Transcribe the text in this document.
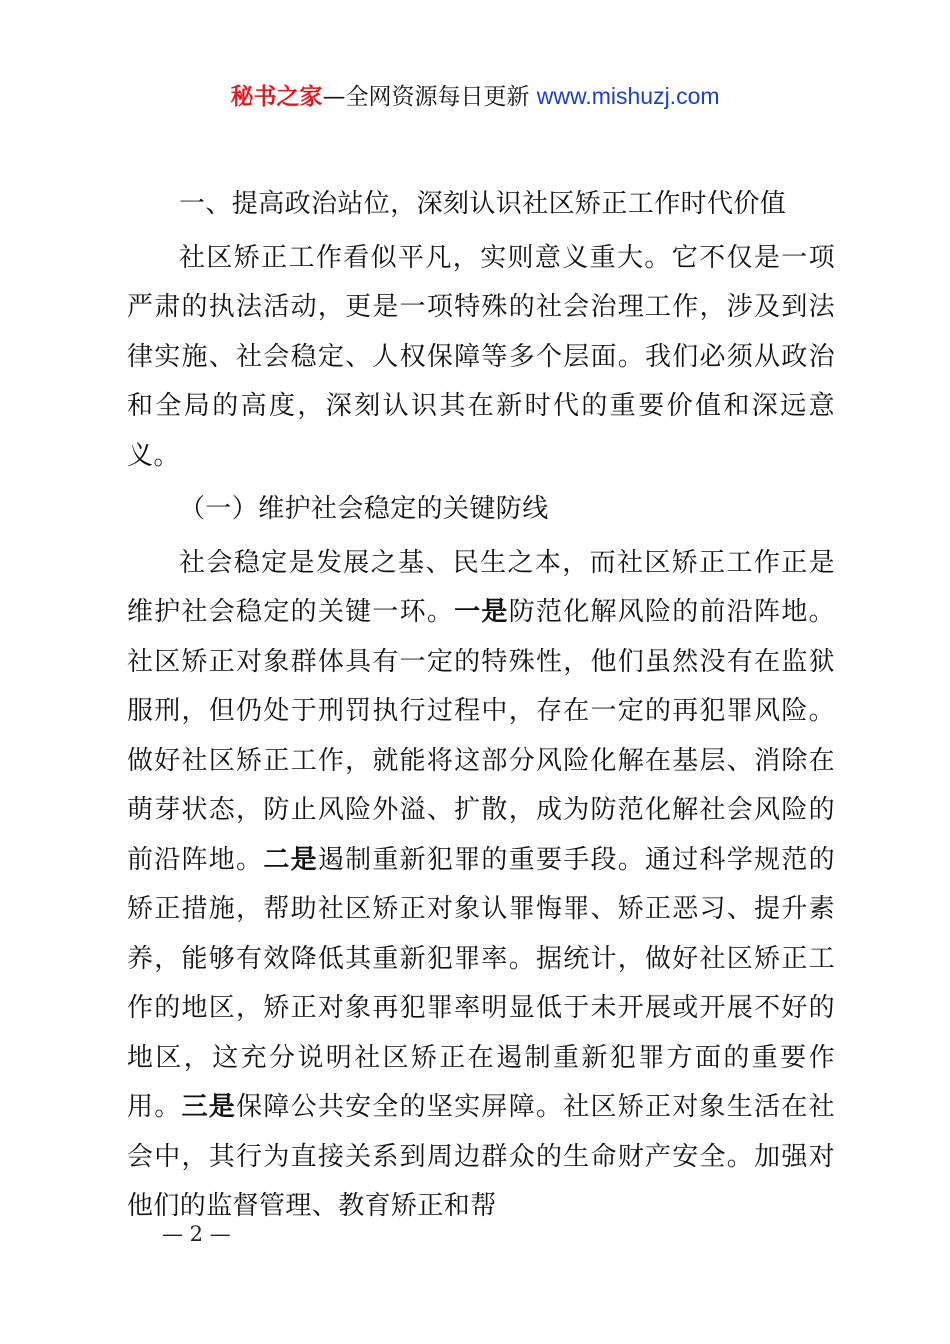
秘书之家—全网资源每日更新 www.mishuzj.com

一、提高政治站位，深刻认识社区矫正工作时代价值

社区矫正工作看似平凡，实则意义重大。它不仅是一项严肃的执法活动，更是一项特殊的社会治理工作，涉及到法律实施、社会稳定、人权保障等多个层面。我们必须从政治和全局的高度，深刻认识其在新时代的重要价值和深远意义。

（一）维护社会稳定的关键防线

社会稳定是发展之基、民生之本，而社区矫正工作正是维护社会稳定的关键一环。一是防范化解风险的前沿阵地。社区矫正对象群体具有一定的特殊性，他们虽然没有在监狱服刑，但仍处于刑罚执行过程中，存在一定的再犯罪风险。做好社区矫正工作，就能将这部分风险化解在基层、消除在萌芽状态，防止风险外溢、扩散，成为防范化解社会风险的前沿阵地。二是遏制重新犯罪的重要手段。通过科学规范的矫正措施，帮助社区矫正对象认罪悔罪、矫正恶习、提升素养，能够有效降低其重新犯罪率。据统计，做好社区矫正工作的地区，矫正对象再犯罪率明显低于未开展或开展不好的地区，这充分说明社区矫正在遏制重新犯罪方面的重要作用。三是保障公共安全的坚实屏障。社区矫正对象生活在社会中，其行为直接关系到周边群众的生命财产安全。加强对他们的监督管理、教育矫正和帮

— 2 —
